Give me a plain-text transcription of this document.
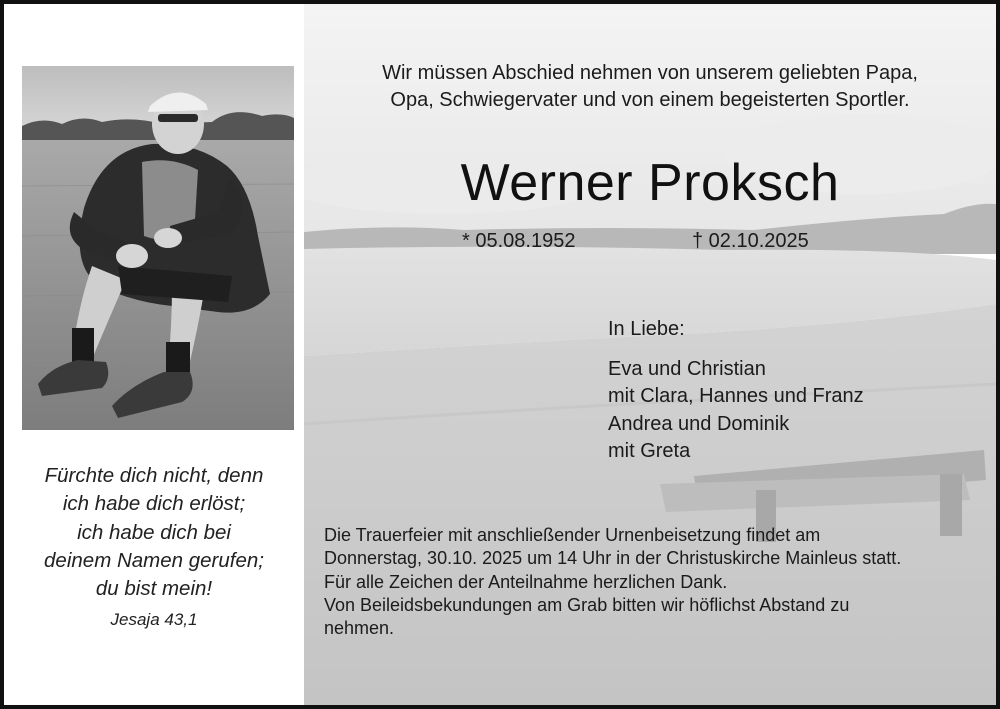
Fürchte dich nicht, denn
ich habe dich erlöst;
ich habe dich bei
deinem Namen gerufen;
du bist mein!
Jesaja 43,1
Wir müssen Abschied nehmen von unserem geliebten Papa,
Opa, Schwiegervater und von einem begeisterten Sportler.
Werner Proksch
* 05.08.1952	† 02.10.2025
In Liebe:
Eva und Christian
mit Clara, Hannes und Franz
Andrea und Dominik
mit Greta
Die Trauerfeier mit anschließender Urnenbeisetzung findet am
Donnerstag, 30.10. 2025 um 14 Uhr in der Christuskirche Mainleus statt.
Für alle Zeichen der Anteilnahme herzlichen Dank.
Von Beileidsbekundungen am Grab bitten wir höflichst Abstand zu
nehmen.
